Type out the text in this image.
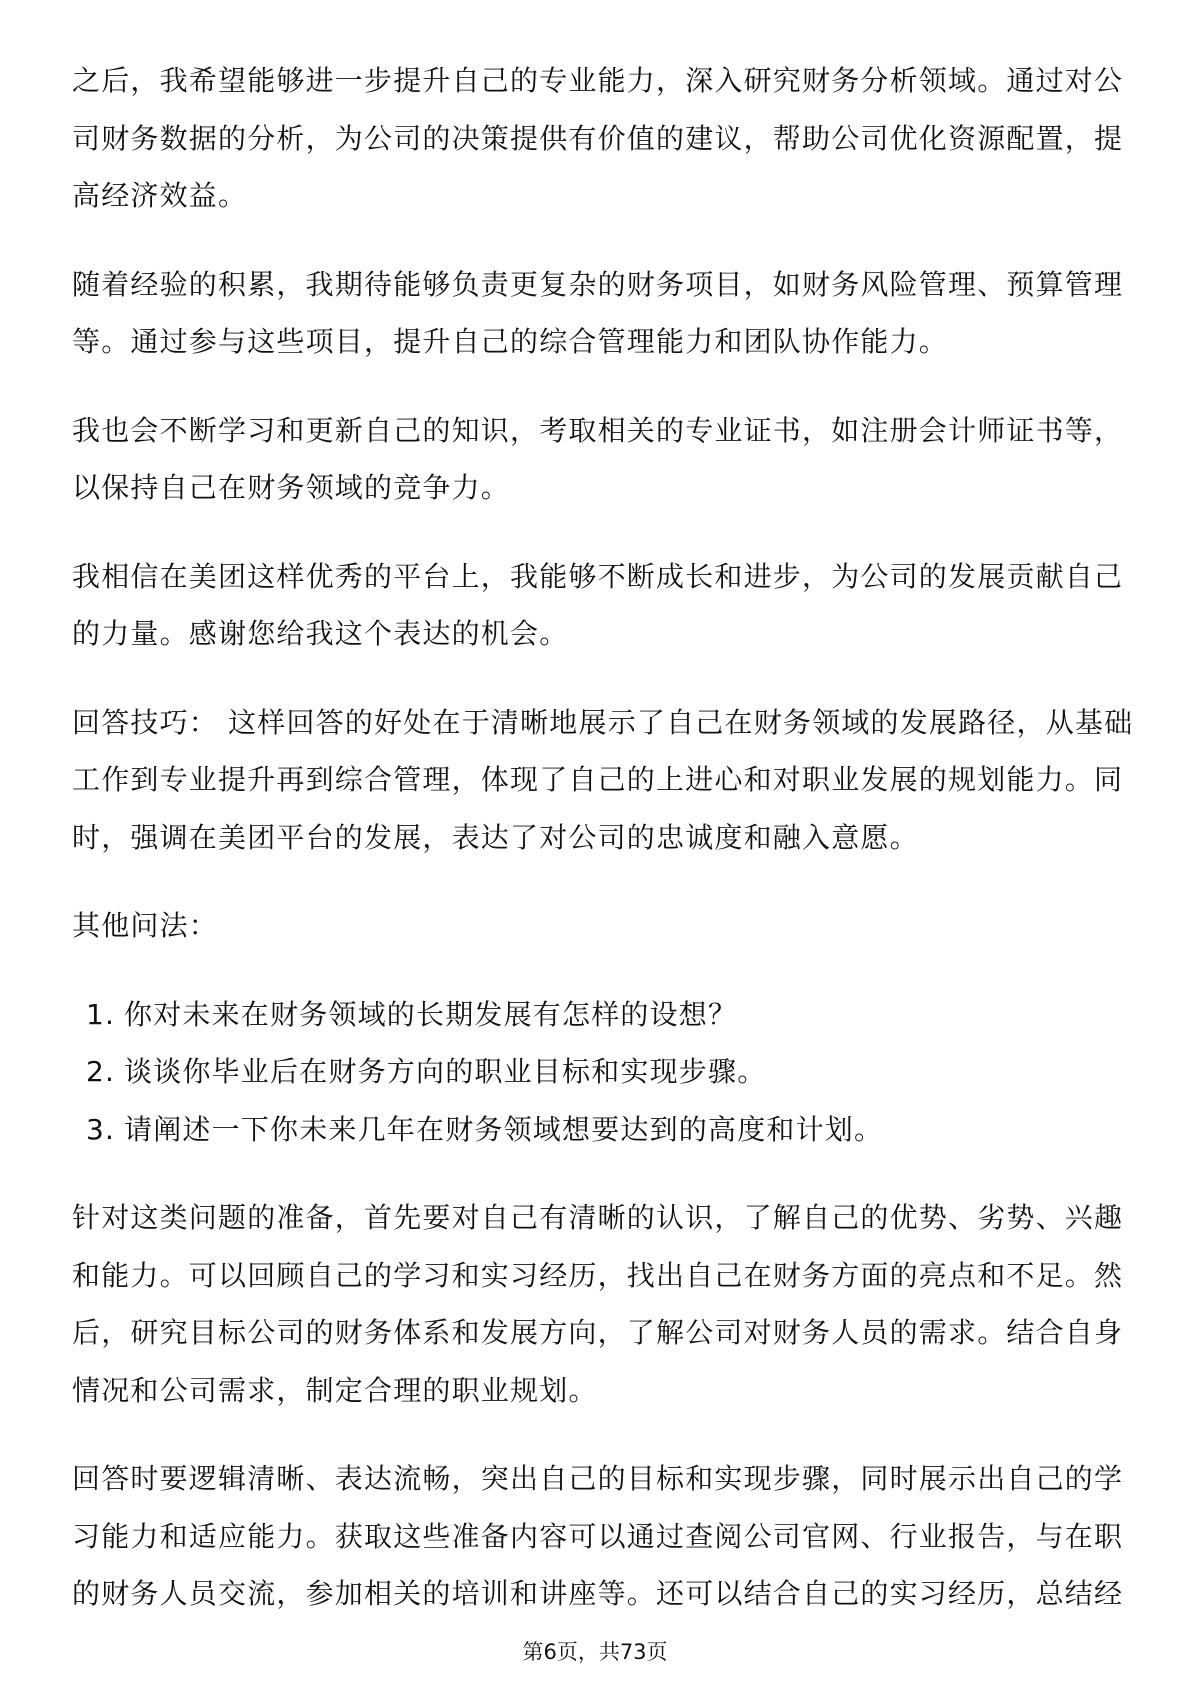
之后，我希望能够进一步提升自己的专业能力，深入研究财务分析领域。通过对公
司财务数据的分析，为公司的决策提供有价值的建议，帮助公司优化资源配置，提
高经济效益。
随着经验的积累，我期待能够负责更复杂的财务项目，如财务风险管理、预算管理
等。通过参与这些项目，提升自己的综合管理能力和团队协作能力。
我也会不断学习和更新自己的知识，考取相关的专业证书，如注册会计师证书等，
以保持自己在财务领域的竞争力。
我相信在美团这样优秀的平台上，我能够不断成长和进步，为公司的发展贡献自己
的力量。感谢您给我这个表达的机会。
回答技巧： 这样回答的好处在于清晰地展示了自己在财务领域的发展路径，从基础
工作到专业提升再到综合管理，体现了自己的上进心和对职业发展的规划能力。同
时，强调在美团平台的发展，表达了对公司的忠诚度和融入意愿。
其他问法：
1. 你对未来在财务领域的长期发展有怎样的设想？
2. 谈谈你毕业后在财务方向的职业目标和实现步骤。
3. 请阐述一下你未来几年在财务领域想要达到的高度和计划。
针对这类问题的准备，首先要对自己有清晰的认识，了解自己的优势、劣势、兴趣
和能力。可以回顾自己的学习和实习经历，找出自己在财务方面的亮点和不足。然
后，研究目标公司的财务体系和发展方向，了解公司对财务人员的需求。结合自身
情况和公司需求，制定合理的职业规划。
回答时要逻辑清晰、表达流畅，突出自己的目标和实现步骤，同时展示出自己的学
习能力和适应能力。获取这些准备内容可以通过查阅公司官网、行业报告，与在职
的财务人员交流，参加相关的培训和讲座等。还可以结合自己的实习经历，总结经
第6页，共73页
